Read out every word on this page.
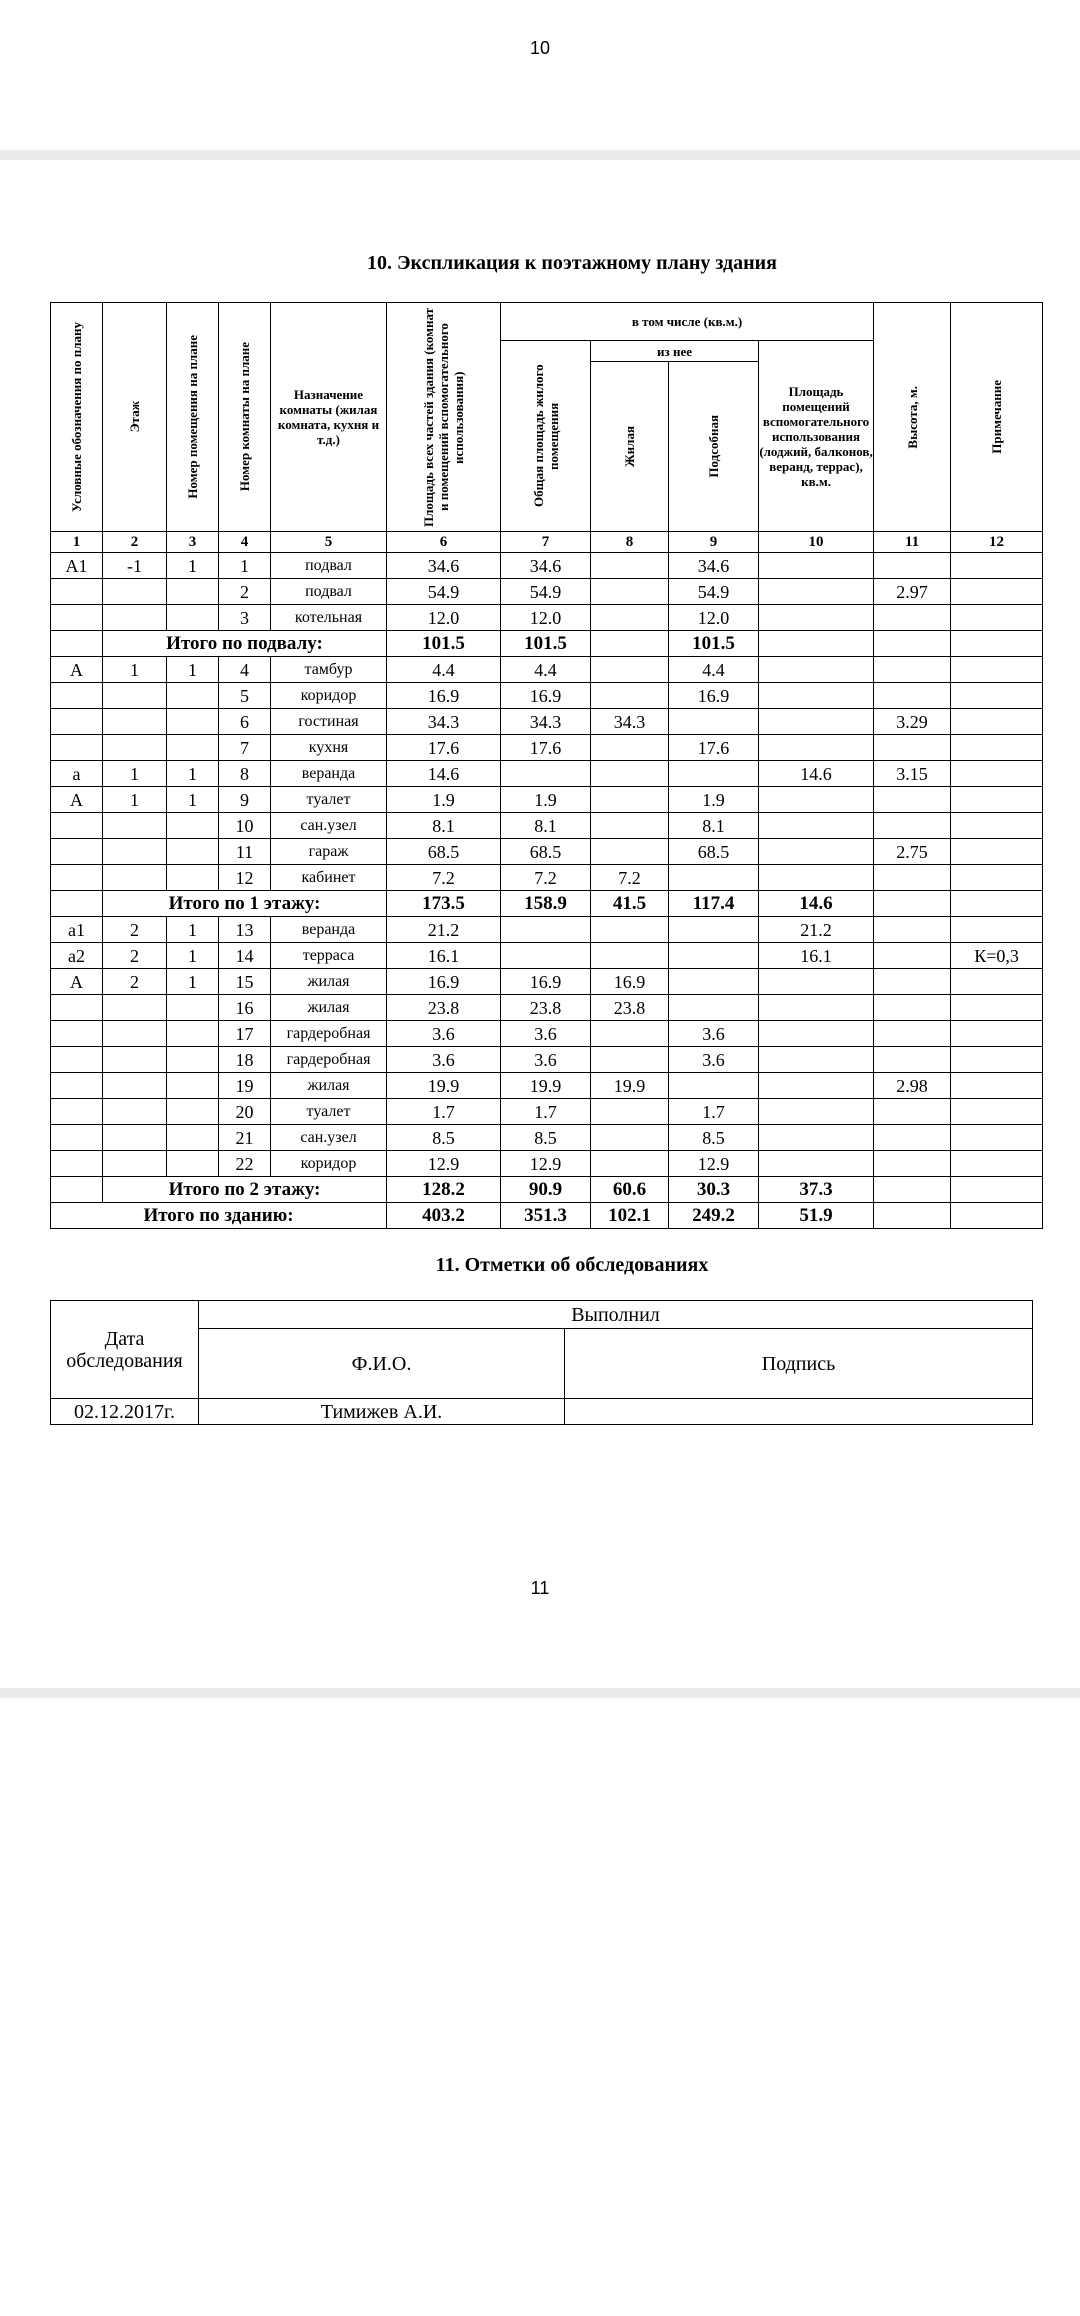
10
10. Экспликация к поэтажному плану здания
Условные обозначения по плану	Этаж	Номер помещения на плане	Номер комнаты на плане	Назначение комнаты (жилая комната, кухня и т.д.)	Площадь всех частей здания (комнат и помещений вспомогательного использования)	в том числе (кв.м.)				Высота, м.	Примечание

						Общая площадь жилого помещения	из нее		Площадь помещений вспомогательного использования (лоджий, балконов, веранд, террас), кв.м.		

							Жилая	Подсобная			

1	2	3	4	5	6	7	8	9	10	11	12
А1	-1	1	1	подвал	34.6	34.6		34.6			
			2	подвал	54.9	54.9		54.9		2.97	
			3	котельная	12.0	12.0		12.0			
	Итого по подвалу:				101.5	101.5		101.5			
А	1	1	4	тамбур	4.4	4.4		4.4			
			5	коридор	16.9	16.9		16.9			
			6	гостиная	34.3	34.3	34.3			3.29	
			7	кухня	17.6	17.6		17.6			
а	1	1	8	веранда	14.6				14.6	3.15	
А	1	1	9	туалет	1.9	1.9		1.9			
			10	сан.узел	8.1	8.1		8.1			
			11	гараж	68.5	68.5		68.5		2.75	
			12	кабинет	7.2	7.2	7.2				
	Итого по 1 этажу:				173.5	158.9	41.5	117.4	14.6		
а1	2	1	13	веранда	21.2				21.2		
а2	2	1	14	терраса	16.1				16.1		К=0,3
А	2	1	15	жилая	16.9	16.9	16.9				
			16	жилая	23.8	23.8	23.8				
			17	гардеробная	3.6	3.6		3.6			
			18	гардеробная	3.6	3.6		3.6			
			19	жилая	19.9	19.9	19.9			2.98	
			20	туалет	1.7	1.7		1.7			
			21	сан.узел	8.5	8.5		8.5			
			22	коридор	12.9	12.9		12.9			
	Итого по 2 этажу:				128.2	90.9	60.6	30.3	37.3		
Итого по зданию:					403.2	351.3	102.1	249.2	51.9		
11. Отметки об обследованиях
Дата обследования	Выполнил	
	Ф.И.О.	Подпись
02.12.2017г.	Тимижев А.И.	
11
